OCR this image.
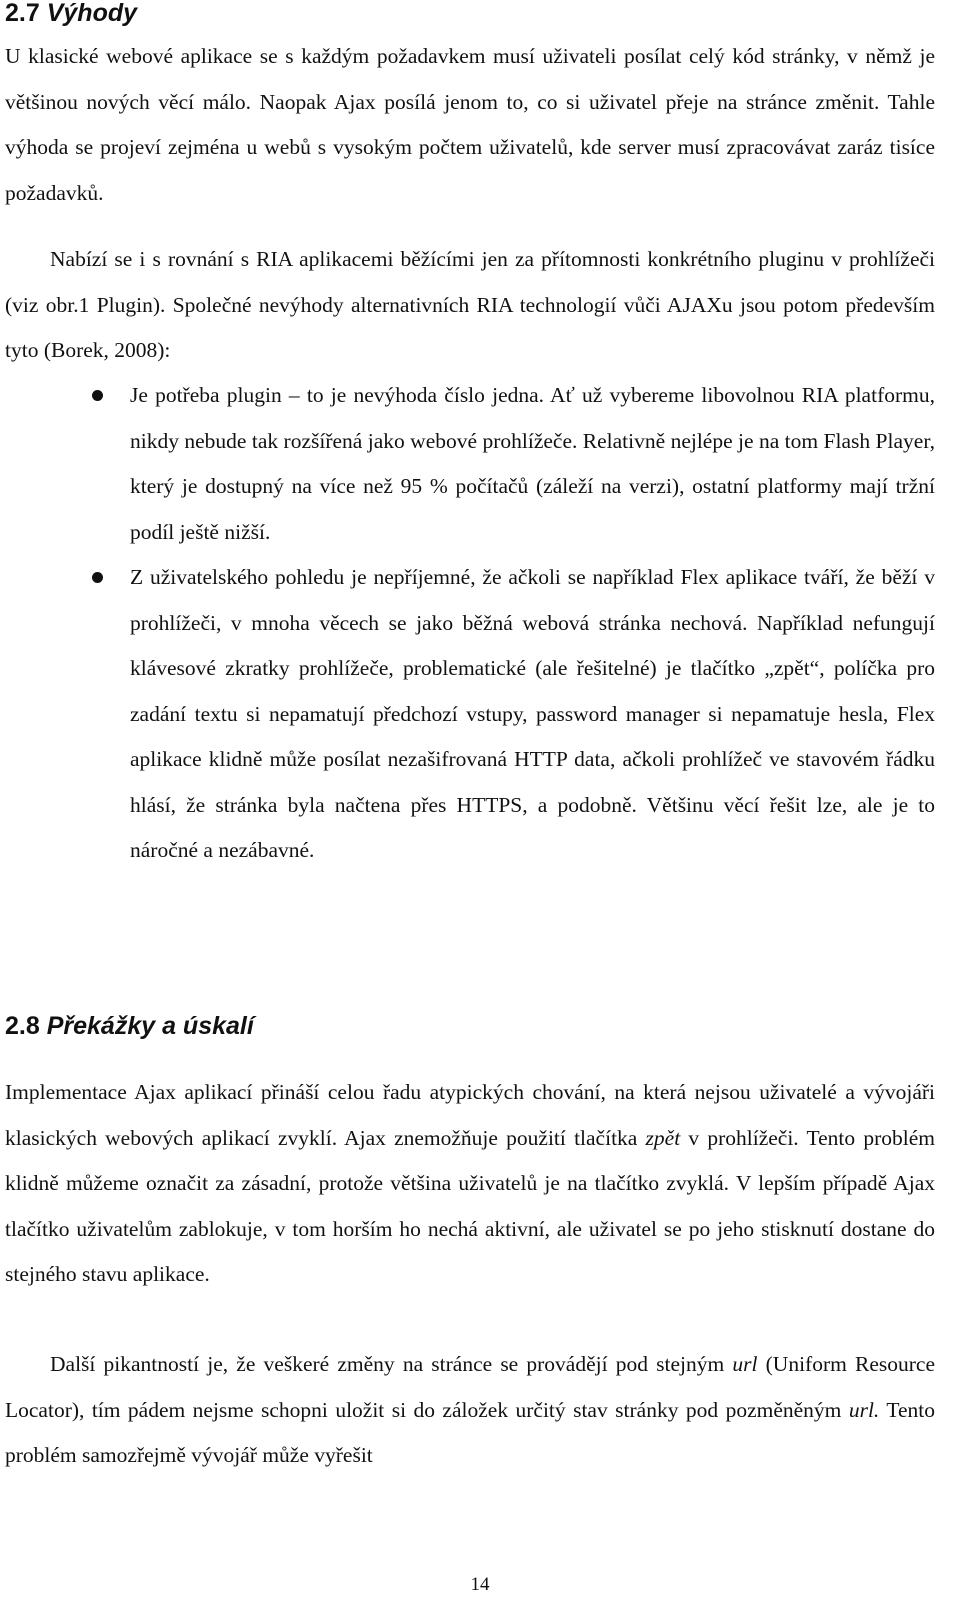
2.7 Výhody

U klasické webové aplikace se s každým požadavkem musí uživateli posílat celý kód stránky, v němž je většinou nových věcí málo. Naopak Ajax posílá jenom to, co si uživatel přeje na stránce změnit. Tahle výhoda se projeví zejména u webů s vysokým počtem uživatelů, kde server musí zpracovávat zaráz tisíce požadavků.

Nabízí se i s rovnání s RIA aplikacemi běžícími jen za přítomnosti konkrétního pluginu v prohlížeči (viz obr.1 Plugin). Společné nevýhody alternativních RIA technologií vůči AJAXu jsou potom především tyto (Borek, 2008):

Je potřeba plugin – to je nevýhoda číslo jedna. Ať už vybereme libovolnou RIA platformu, nikdy nebude tak rozšířená jako webové prohlížeče. Relativně nejlépe je na tom Flash Player, který je dostupný na více než 95 % počítačů (záleží na verzi), ostatní platformy mají tržní podíl ještě nižší.
Z uživatelského pohledu je nepříjemné, že ačkoli se například Flex aplikace tváří, že běží v prohlížeči, v mnoha věcech se jako běžná webová stránka nechová. Například nefungují klávesové zkratky prohlížeče, problematické (ale řešitelné) je tlačítko „zpět“, políčka pro zadání textu si nepamatují předchozí vstupy, password manager si nepamatuje hesla, Flex aplikace klidně může posílat nezašifrovaná HTTP data, ačkoli prohlížeč ve stavovém řádku hlásí, že stránka byla načtena přes HTTPS, a podobně. Většinu věcí řešit lze, ale je to náročné a nezábavné.
2.8 Překážky a úskalí

Implementace Ajax aplikací přináší celou řadu atypických chování, na která nejsou uživatelé a vývojáři klasických webových aplikací zvyklí. Ajax znemožňuje použití tlačítka zpět v prohlížeči. Tento problém klidně můžeme označit za zásadní, protože většina uživatelů je na tlačítko zvyklá. V lepším případě Ajax tlačítko uživatelům zablokuje, v tom horším ho nechá aktivní, ale uživatel se po jeho stisknutí dostane do stejného stavu aplikace.

Další pikantností je, že veškeré změny na stránce se provádějí pod stejným url (Uniform Resource Locator), tím pádem nejsme schopni uložit si do záložek určitý stav stránky pod pozměněným url. Tento problém samozřejmě vývojář může vyřešit

14
